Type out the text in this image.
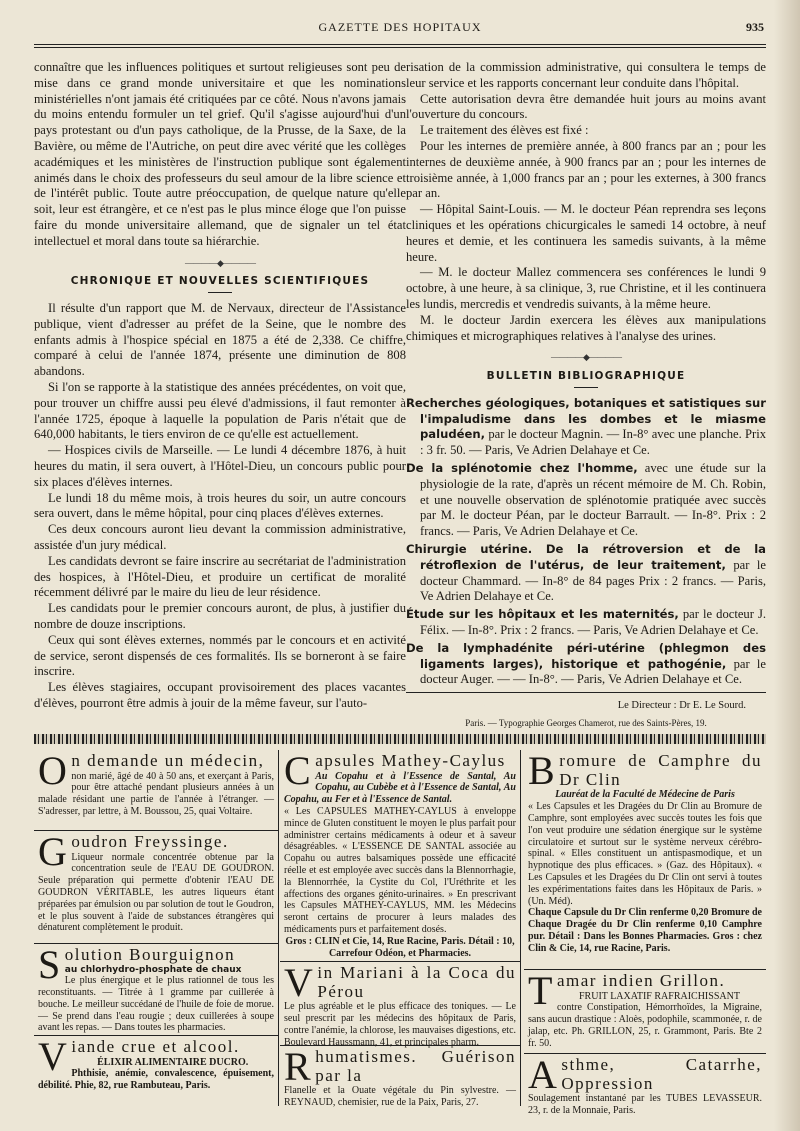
GAZETTE DES HOPITAUX	935

connaître que les influences politiques et surtout religieuses sont peu de mise dans ce grand monde universitaire et que les nominations ministérielles n'ont jamais été critiquées par ce côté. Nous n'avons jamais du moins entendu formuler un tel grief. Qu'il s'agisse aujourd'hui d'un pays protestant ou d'un pays catholique, de la Prusse, de la Saxe, de la Bavière, ou même de l'Autriche, on peut dire avec vérité que les collèges académiques et les ministères de l'instruction publique sont également animés dans le choix des professeurs du seul amour de la libre science et de l'intérêt public. Toute autre préoccupation, de quelque nature qu'elle soit, leur est étrangère, et ce n'est pas le plus mince éloge que l'on puisse faire du monde universitaire allemand, que de signaler un tel état intellectuel et moral dans toute sa hiérarchie.

————◆————
CHRONIQUE ET NOUVELLES SCIENTIFIQUES

Il résulte d'un rapport que M. de Nervaux, directeur de l'Assistance publique, vient d'adresser au préfet de la Seine, que le nombre des enfants admis à l'hospice spécial en 1875 a été de 2,338. Ce chiffre, comparé à celui de l'année 1874, présente une diminution de 808 abandons.

Si l'on se rapporte à la statistique des années précédentes, on voit que, pour trouver un chiffre aussi peu élevé d'admissions, il faut remonter à l'année 1725, époque à laquelle la population de Paris n'était que de 640,000 habitants, le tiers environ de ce qu'elle est actuellement.

— Hospices civils de Marseille. — Le lundi 4 décembre 1876, à huit heures du matin, il sera ouvert, à l'Hôtel-Dieu, un concours public pour six places d'élèves internes.

Le lundi 18 du même mois, à trois heures du soir, un autre concours sera ouvert, dans le même hôpital, pour cinq places d'élèves externes.

Ces deux concours auront lieu devant la commission administrative, assistée d'un jury médical.

Les candidats devront se faire inscrire au secrétariat de l'administration des hospices, à l'Hôtel-Dieu, et produire un certificat de moralité récemment délivré par le maire du lieu de leur résidence.

Les candidats pour le premier concours auront, de plus, à justifier du nombre de douze inscriptions.

Ceux qui sont élèves externes, nommés par le concours et en activité de service, seront dispensés de ces formalités. Ils se borneront à se faire inscrire.

Les élèves stagiaires, occupant provisoirement des places vacantes d'élèves, pourront être admis à jouir de la même faveur, sur l'auto-

risation de la commission administrative, qui consultera le temps de leur service et les rapports concernant leur conduite dans l'hôpital.

Cette autorisation devra être demandée huit jours au moins avant l'ouverture du concours.

Le traitement des élèves est fixé :

Pour les internes de première année, à 800 francs par an ; pour les internes de deuxième année, à 900 francs par an ; pour les internes de troisième année, à 1,000 francs par an ; pour les externes, à 300 francs par an.

— Hôpital Saint-Louis. — M. le docteur Péan reprendra ses leçons cliniques et les opérations chicurgicales le samedi 14 octobre, à neuf heures et demie, et les continuera les samedis suivants, à la même heure.

— M. le docteur Mallez commencera ses conférences le lundi 9 octobre, à une heure, à sa clinique, 3, rue Christine, et il les continuera les lundis, mercredis et vendredis suivants, à la même heure.

M. le docteur Jardin exercera les élèves aux manipulations chimiques et micrographiques relatives à l'analyse des urines.

————◆————
BULLETIN BIBLIOGRAPHIQUE

Recherches géologiques, botaniques et satistiques sur l'impaludisme dans les dombes et le miasme paludéen, par le docteur Magnin. — In-8° avec une planche. Prix : 3 fr. 50. — Paris, Ve Adrien Delahaye et Ce.

De la splénotomie chez l'homme, avec une étude sur la physiologie de la rate, d'après un récent mémoire de M. Ch. Robin, et une nouvelle observation de splénotomie pratiquée avec succès par M. le docteur Péan, par le docteur Barrault. — In-8°. Prix : 2 francs. — Paris, Ve Adrien Delahaye et Ce.

Chirurgie utérine. De la rétroversion et de la rétroflexion de l'utérus, de leur traitement, par le docteur Chammard. — In-8° de 84 pages Prix : 2 francs. — Paris, Ve Adrien Delahaye et Ce.

Étude sur les hôpitaux et les maternités, par le docteur J. Félix. — In-8°. Prix : 2 francs. — Paris, Ve Adrien Delahaye et Ce.

De la lymphadénite péri-utérine (phlegmon des ligaments larges), historique et pathogénie, par le docteur Auger. — — In-8°. — Paris, Ve Adrien Delahaye et Ce.

Le Directeur : Dr E. Le Sourd.
Paris. — Typographie Georges Chamerot, rue des Saints-Pères, 19.
On demande un médecin,
non marié, âgé de 40 à 50 ans, et exerçant à Paris, pour être attaché pendant plusieurs années à un malade résidant une partie de l'année à l'étranger. — S'adresser, par lettre, à M. Boussou, 25, quai Voltaire.
Goudron Freyssinge.
Liqueur normale concentrée obtenue par la concentration seule de l'EAU DE GOUDRON. Seule préparation qui permette d'obtenir l'EAU DE GOUDRON VÉRITABLE, les autres liqueurs étant préparées par émulsion ou par solution de tout le Goudron, et le plus souvent à l'aide de substances étrangères qui dénaturent complètement le produit.
Solution Bourguignon
au chlorhydro-phosphate de chaux
Le plus énergique et le plus rationnel de tous les reconstituants. — Titrée à 1 gramme par cuillerée à bouche. Le meilleur succédané de l'huile de foie de morue. — Se prend dans l'eau rougie ; deux cuillerées à soupe avant les repas. — Dans toutes les pharmacies.
Viande crue et alcool.
ÉLIXIR ALIMENTAIRE DUCRO.
Phthisie, anémie, convalescence, épuisement, débilité. Phie, 82, rue Rambuteau, Paris.
Capsules Mathey-Caylus
Au Copahu et à l'Essence de Santal, Au Copahu, au Cubèbe et à l'Essence de Santal, Au Copahu, au Fer et à l'Essence de Santal.
« Les CAPSULES MATHEY-CAYLUS à enveloppe mince de Gluten constituent le moyen le plus parfait pour administrer certains médicaments à odeur et à saveur désagréables. « L'ESSENCE DE SANTAL associée au Copahu ou autres balsamiques possède une efficacité réelle et est employée avec succès dans la Blennorrhagie, la Blennorrhée, la Cystite du Col, l'Uréthrite et les affections des organes génito-urinaires. » En prescrivant les Capsules MATHEY-CAYLUS, MM. les Médecins seront certains de procurer à leurs malades des médicaments purs et parfaitement dosés.
Gros : CLIN et Cie, 14, Rue Racine, Paris. Détail : 10, Carrefour Odéon, et Pharmacies.
Vin Mariani à la Coca du Pérou
Le plus agréable et le plus efficace des toniques. — Le seul prescrit par les médecins des hôpitaux de Paris, contre l'anémie, la chlorose, les mauvaises digestions, etc. Boulevard Haussmann, 41, et principales pharm.
Rhumatismes. Guérison par la
Flanelle et la Ouate végétale du Pin sylvestre. — REYNAUD, chemisier, rue de la Paix, Paris, 27.
Bromure de Camphre du Dr Clin
Lauréat de la Faculté de Médecine de Paris
« Les Capsules et les Dragées du Dr Clin au Bromure de Camphre, sont employées avec succès toutes les fois que l'on veut produire une sédation énergique sur le système circulatoire et surtout sur le système nerveux cérébro-spinal. « Elles constituent un antispasmodique, et un hypnotique des plus efficaces. » (Gaz. des Hôpitaux). « Les Capsules et les Dragées du Dr Clin ont servi à toutes les expérimentations faites dans les Hôpitaux de Paris. » (Un. Méd).
Chaque Capsule du Dr Clin renferme 0,20 Bromure de Chaque Dragée du Dr Clin renferme 0,10 Camphre pur. Détail : Dans les Bonnes Pharmacies. Gros : chez Clin & Cie, 14, rue Racine, Paris.
Tamar indien Grillon.
FRUIT LAXATIF RAFRAICHISSANT
contre Constipation, Hémorrhoïdes, la Migraine, sans aucun drastique : Aloès, podophile, scammonée, r. de jalap, etc. Ph. GRILLON, 25, r. Grammont, Paris. Bte 2 fr. 50.
Asthme, Catarrhe, Oppression
Soulagement instantané par les TUBES LEVASSEUR. 23, r. de la Monnaie, Paris.
